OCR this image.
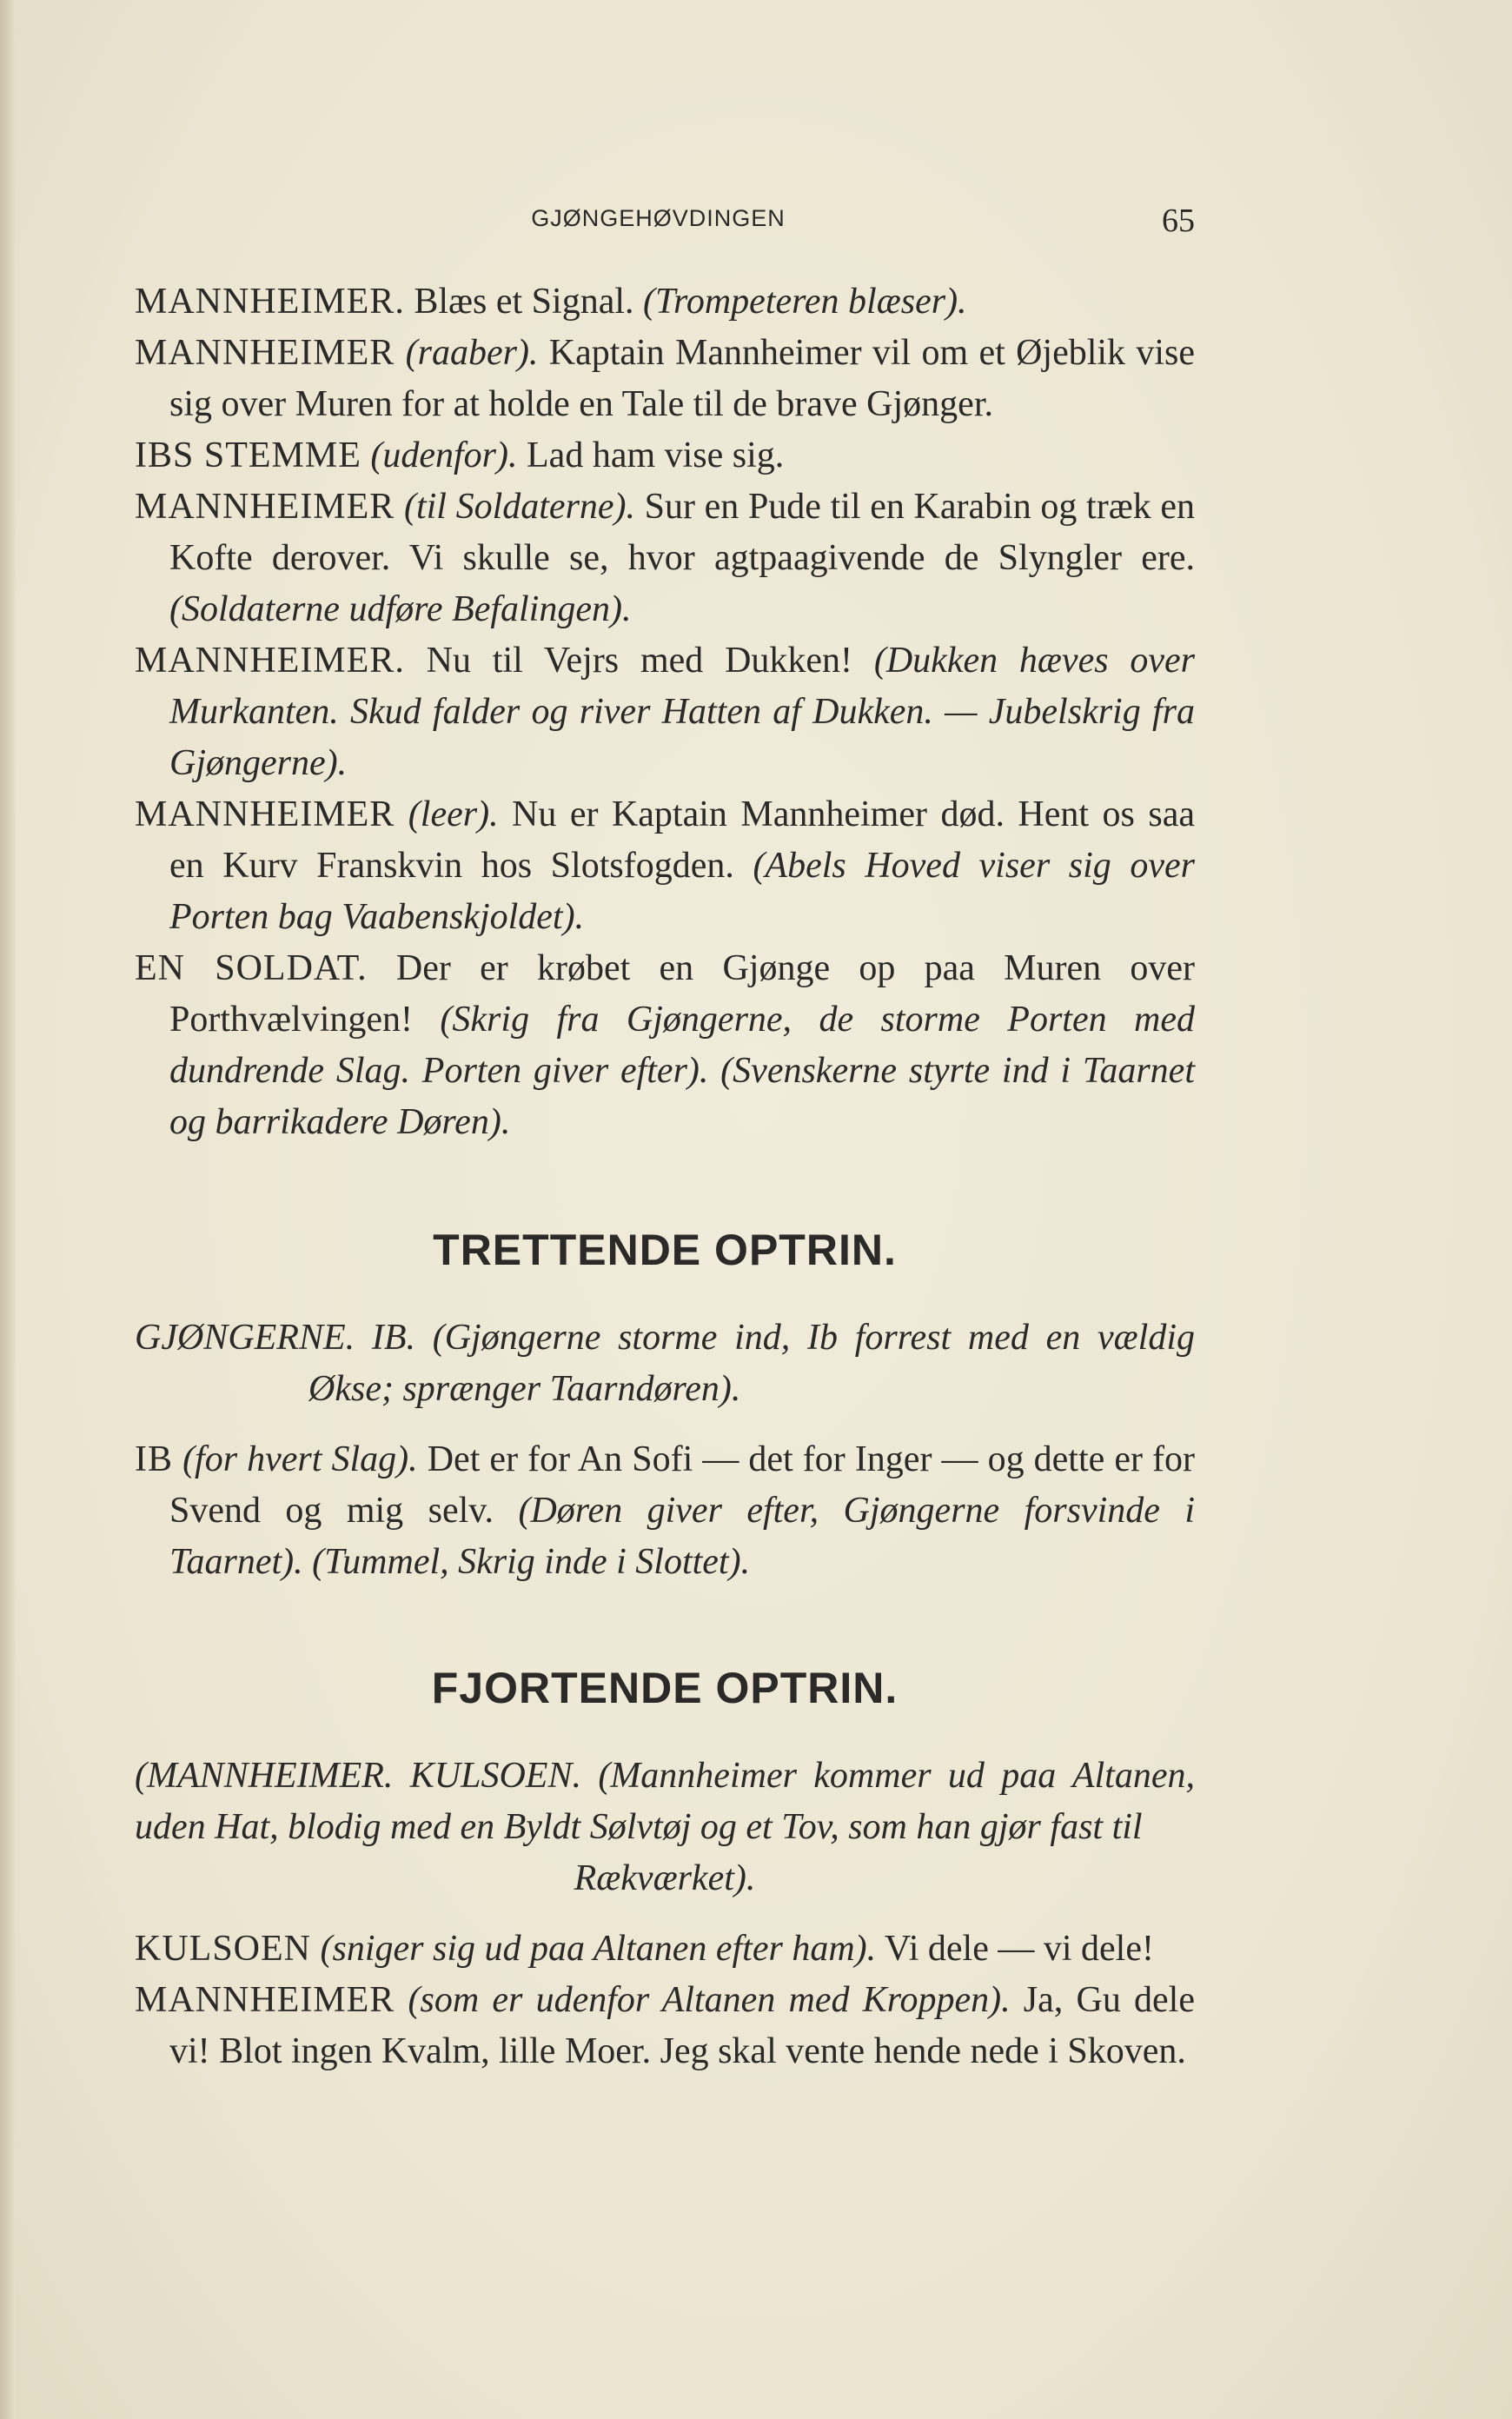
GJØNGEHØVDINGEN	65

MANNHEIMER. Blæs et Signal. (Trompeteren blæser).

MANNHEIMER (raaber). Kaptain Mannheimer vil om et Øjeblik vise sig over Muren for at holde en Tale til de brave Gjønger.

IBS STEMME (udenfor). Lad ham vise sig.

MANNHEIMER (til Soldaterne). Sur en Pude til en Karabin og træk en Kofte derover. Vi skulle se, hvor agtpaagivende de Slyngler ere. (Soldaterne udføre Befalingen).

MANNHEIMER. Nu til Vejrs med Dukken! (Dukken hæves over Murkanten. Skud falder og river Hatten af Dukken. — Jubelskrig fra Gjøngerne).

MANNHEIMER (leer). Nu er Kaptain Mannheimer død. Hent os saa en Kurv Franskvin hos Slotsfogden. (Abels Hoved viser sig over Porten bag Vaabenskjoldet).

EN SOLDAT. Der er krøbet en Gjønge op paa Muren over Porthvælvingen! (Skrig fra Gjøngerne, de storme Porten med dundrende Slag. Porten giver efter). (Svenskerne styrte ind i Taarnet og barrikadere Døren).

TRETTENDE OPTRIN.

GJØNGERNE. IB. (Gjøngerne storme ind, Ib forrest med en vældig Økse; sprænger Taarndøren).

IB (for hvert Slag). Det er for An Sofi — det for Inger — og dette er for Svend og mig selv. (Døren giver efter, Gjøngerne forsvinde i Taarnet). (Tummel, Skrig inde i Slottet).

FJORTENDE OPTRIN.

(MANNHEIMER. KULSOEN. (Mannheimer kommer ud paa Altanen, uden Hat, blodig med en Byldt Sølvtøj og et Tov, som han gjør fast til
Rækværket).

KULSOEN (sniger sig ud paa Altanen efter ham). Vi dele — vi dele!

MANNHEIMER (som er udenfor Altanen med Kroppen). Ja, Gu dele vi! Blot ingen Kvalm, lille Moer. Jeg skal vente hende nede i Skoven.
